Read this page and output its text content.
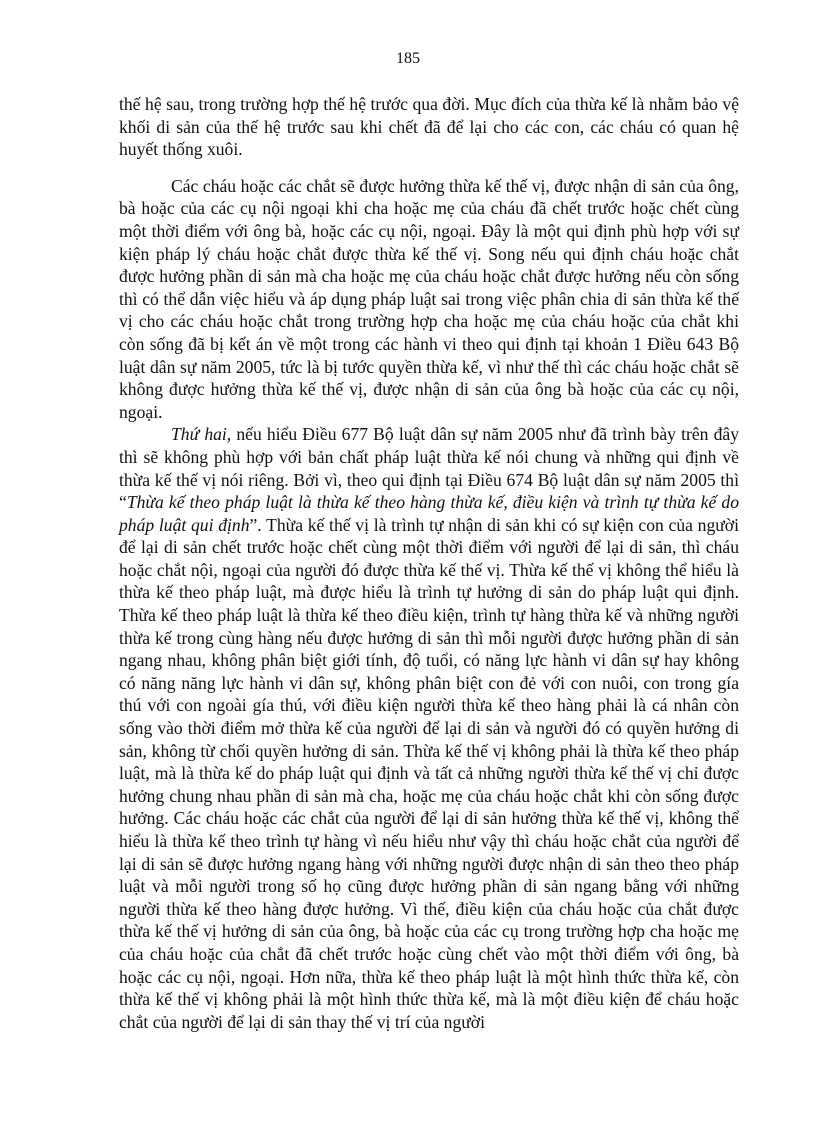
185

thế hệ sau, trong trường hợp thế hệ trước qua đời. Mục đích của thừa kế là nhằm bảo vệ khối di sản của thế hệ trước sau khi chết đã để lại cho các con, các cháu có quan hệ huyết thống xuôi.

Các cháu hoặc các chắt sẽ được hưởng thừa kế thế vị, được nhận di sản của ông, bà hoặc của các cụ nội ngoại khi cha hoặc mẹ của cháu đã chết trước hoặc chết cùng một thời điểm với ông bà, hoặc các cụ nội, ngoại. Đây là một qui định phù hợp với sự kiện pháp lý cháu hoặc chắt được thừa kế thế vị. Song nếu qui định cháu hoặc chắt được hưởng phần di sản mà cha hoặc mẹ của cháu hoặc chắt được hưởng nếu còn sống thì có thể dẫn việc hiểu và áp dụng pháp luật sai trong việc phân chia di sản thừa kế thế vị cho các cháu hoặc chắt trong trường hợp cha hoặc mẹ của cháu hoặc của chắt khi còn sống đã bị kết án về một trong các hành vi theo qui định tại khoản 1 Điều 643 Bộ luật dân sự năm 2005, tức là bị tước quyền thừa kế, vì như thế thì các cháu hoặc chắt sẽ không được hưởng thừa kế thế vị, được nhận di sản của ông bà hoặc của các cụ nội, ngoại.

Thứ hai, nếu hiểu Điều 677 Bộ luật dân sự năm 2005 như đã trình bày trên đây thì sẽ không phù hợp với bản chất pháp luật thừa kế nói chung và những qui định về thừa kế thế vị nói riêng. Bởi vì, theo qui định tại Điều 674 Bộ luật dân sự năm 2005 thì “Thừa kế theo pháp luật là thừa kế theo hàng thừa kế, điều kiện và trình tự thừa kế do pháp luật qui định”. Thừa kế thế vị là trình tự nhận di sản khi có sự kiện con của người để lại di sản chết trước hoặc chết cùng một thời điểm với người để lại di sản, thì cháu hoặc chắt nội, ngoại của người đó được thừa kế thế vị. Thừa kế thế vị không thể hiểu là thừa kế theo pháp luật, mà được hiểu là trình tự hưởng di sản do pháp luật qui định. Thừa kế theo pháp luật là thừa kế theo điều kiện, trình tự hàng thừa kế và những người thừa kế trong cùng hàng nếu được hưởng di sản thì mỗi người được hưởng phần di sản ngang nhau, không phân biệt giới tính, độ tuổi, có năng lực hành vi dân sự hay không có năng năng lực hành vi dân sự, không phân biệt con đẻ với con nuôi, con trong gía thú với con ngoài gía thú, với điều kiện người thừa kế theo hàng phải là cá nhân còn sống vào thời điểm mở thừa kế của người để lại di sản và người đó có quyền hưởng di sản, không từ chối quyền hưởng di sản. Thừa kế thế vị không phải là thừa kế theo pháp luật, mà là thừa kế do pháp luật qui định và tất cả những người thừa kế thế vị chỉ được hưởng chung nhau phần di sản mà cha, hoặc mẹ của cháu hoặc chắt khi còn sống được hưởng. Các cháu hoặc các chắt của người để lại di sản hưởng thừa kế thế vị, không thể hiểu là thừa kế theo trình tự hàng vì nếu hiểu như vậy thì cháu hoặc chắt của người để lại di sản sẽ được hưởng ngang hàng với những người được nhận di sản theo theo pháp luật và mỗi người trong số họ cũng được hưởng phần di sản ngang bằng với những người thừa kế theo hàng được hưởng. Vì thế, điều kiện của cháu hoặc của chắt được thừa kế thế vị hưởng di sản của ông, bà hoặc của các cụ trong trường hợp cha hoặc mẹ của cháu hoặc của chắt đã chết trước hoặc cùng chết vào một thời điểm với ông, bà hoặc các cụ nội, ngoại. Hơn nữa, thừa kế theo pháp luật là một hình thức thừa kế, còn thừa kế thế vị không phải là một hình thức thừa kế, mà là một điều kiện để cháu hoặc chắt của người để lại di sản thay thế vị trí của người
